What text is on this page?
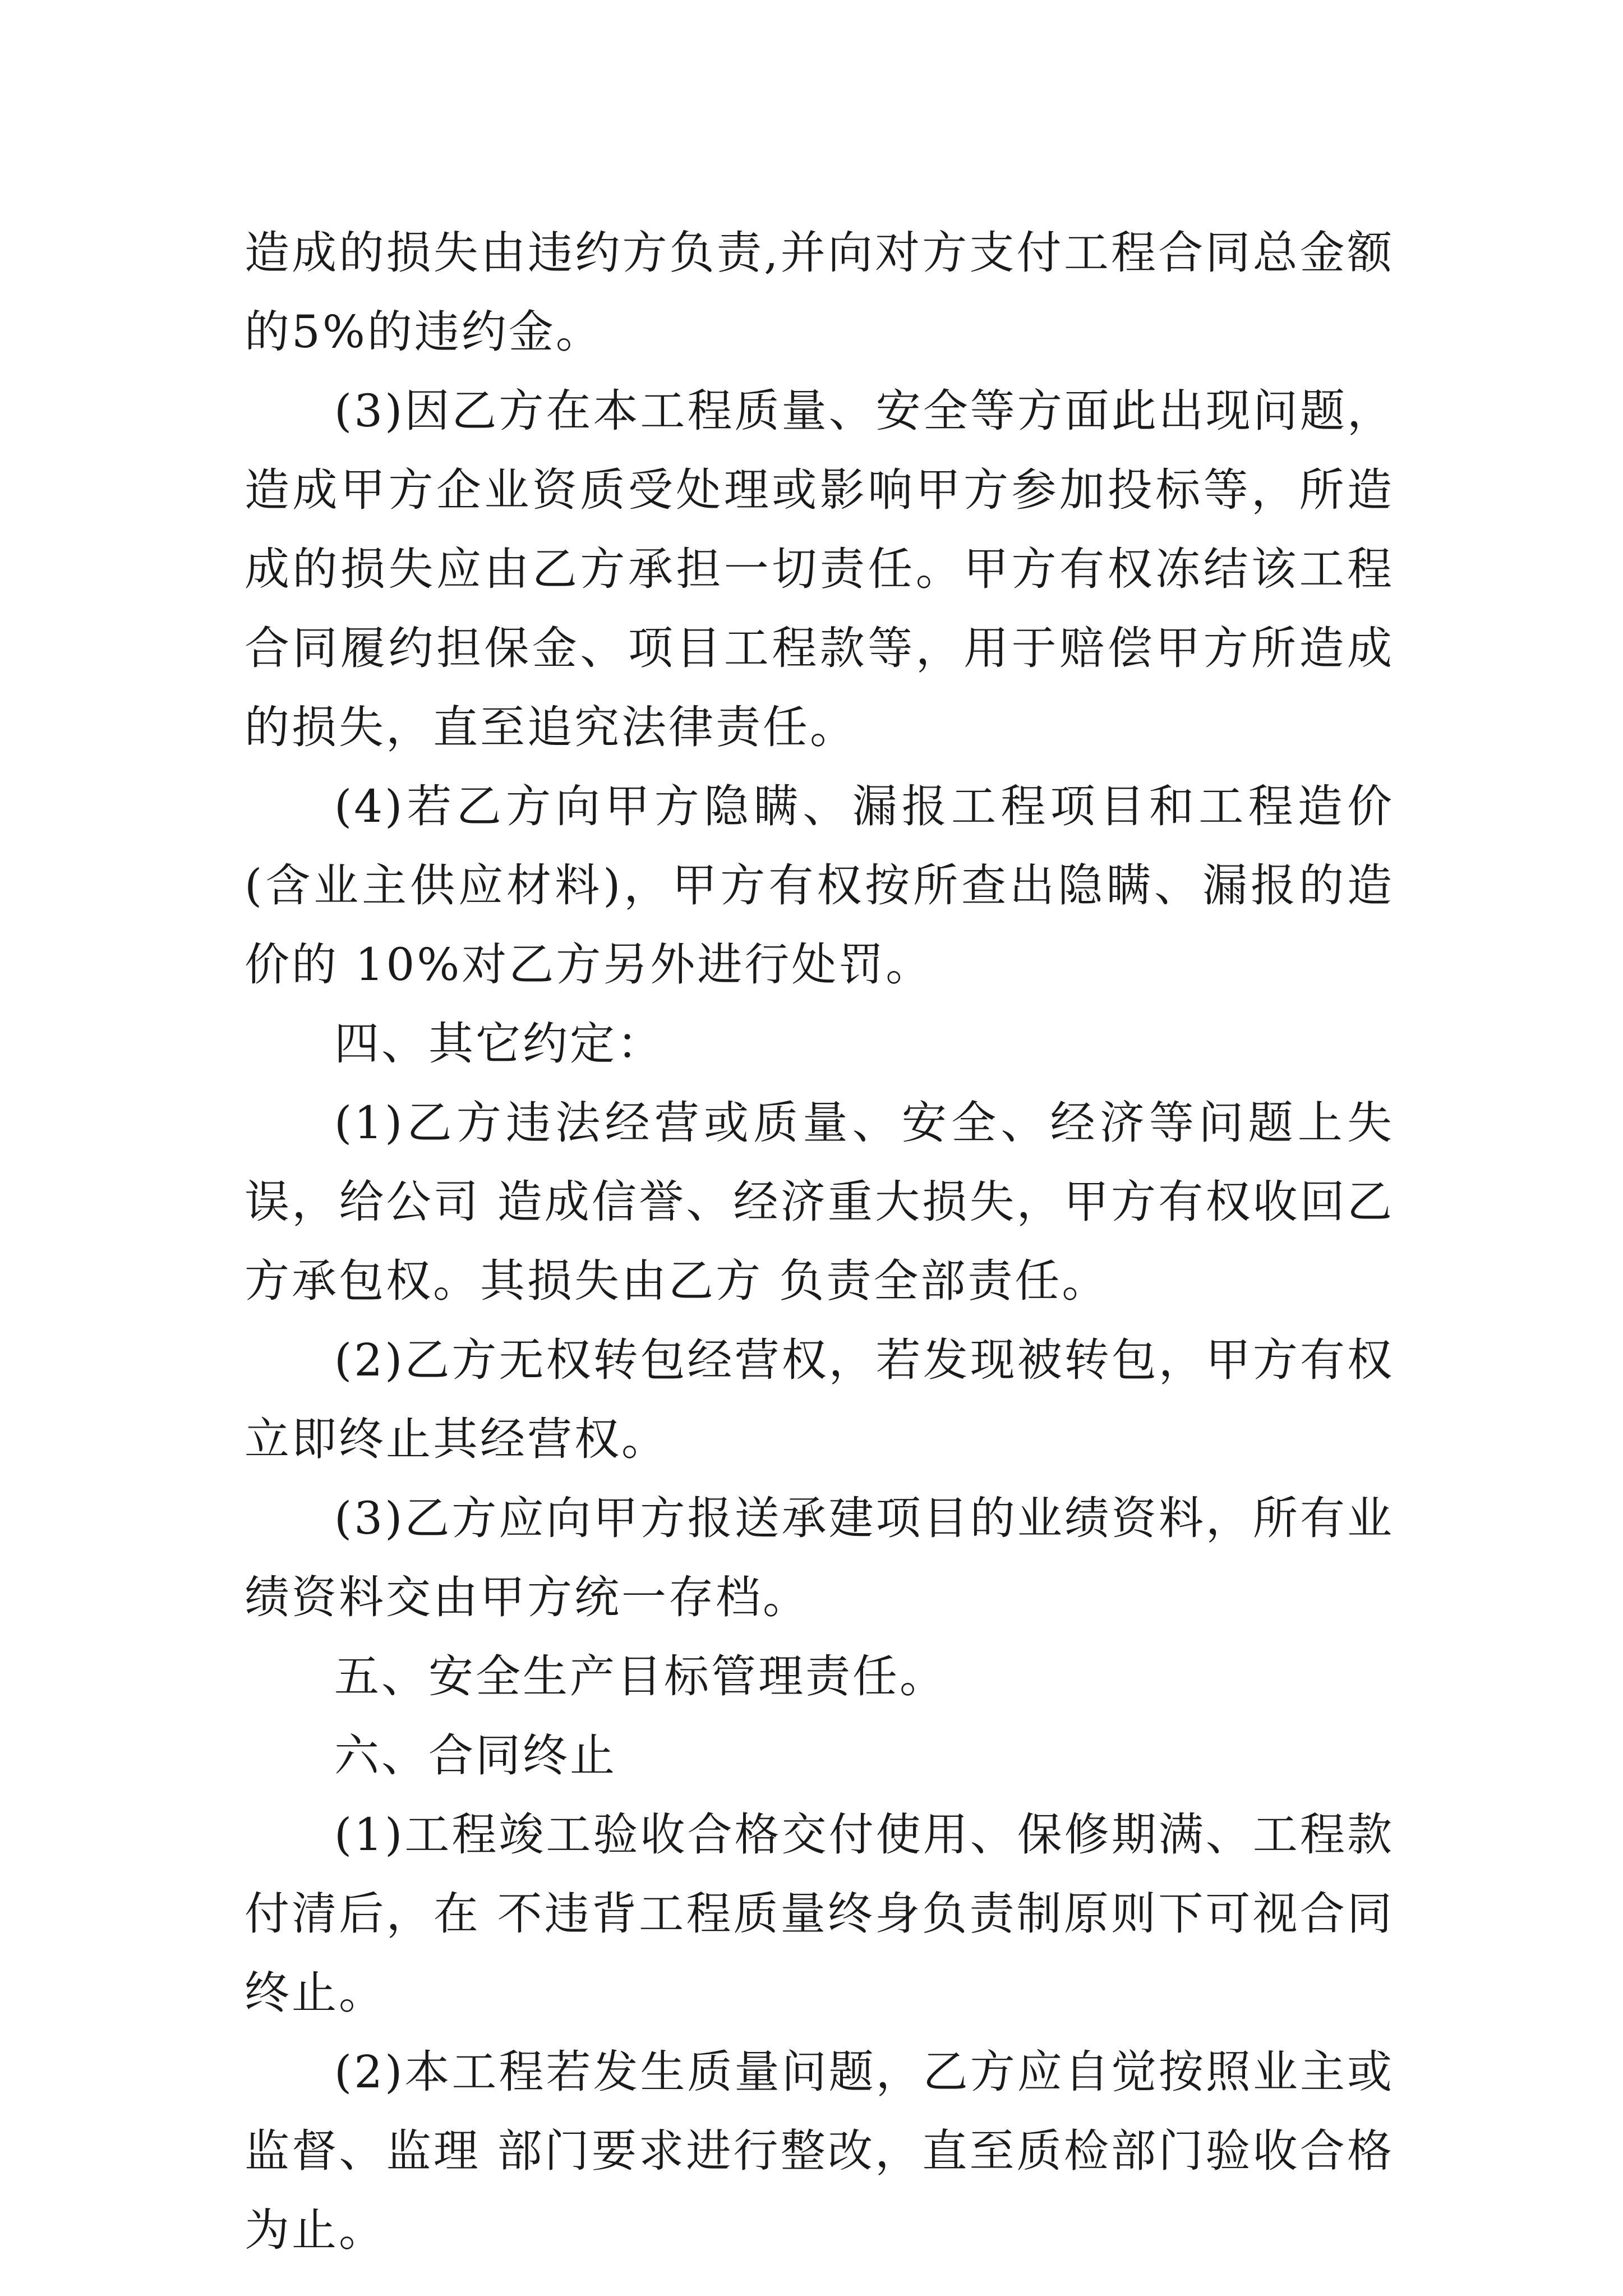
造成的损失由违约方负责,并向对方支付工程合同总金额的5%的违约金。

(3)因乙方在本工程质量、安全等方面此出现问题，造成甲方企业资质受处理或影响甲方参加投标等，所造成的损失应由乙方承担一切责任。甲方有权冻结该工程合同履约担保金、项目工程款等，用于赔偿甲方所造成的损失，直至追究法律责任。

(4)若乙方向甲方隐瞒、漏报工程项目和工程造价(含业主供应材料)，甲方有权按所查出隐瞒、漏报的造价的 10%对乙方另外进行处罚。

四、其它约定：

(1)乙方违法经营或质量、安全、经济等问题上失误，给公司 造成信誉、经济重大损失，甲方有权收回乙方承包权。其损失由乙方 负责全部责任。

(2)乙方无权转包经营权，若发现被转包，甲方有权立即终止其经营权。

(3)乙方应向甲方报送承建项目的业绩资料，所有业绩资料交由甲方统一存档。

五、安全生产目标管理责任。

六、合同终止

(1)工程竣工验收合格交付使用、保修期满、工程款付清后，在 不违背工程质量终身负责制原则下可视合同终止。

(2)本工程若发生质量问题，乙方应自觉按照业主或监督、监理 部门要求进行整改，直至质检部门验收合格为止。
